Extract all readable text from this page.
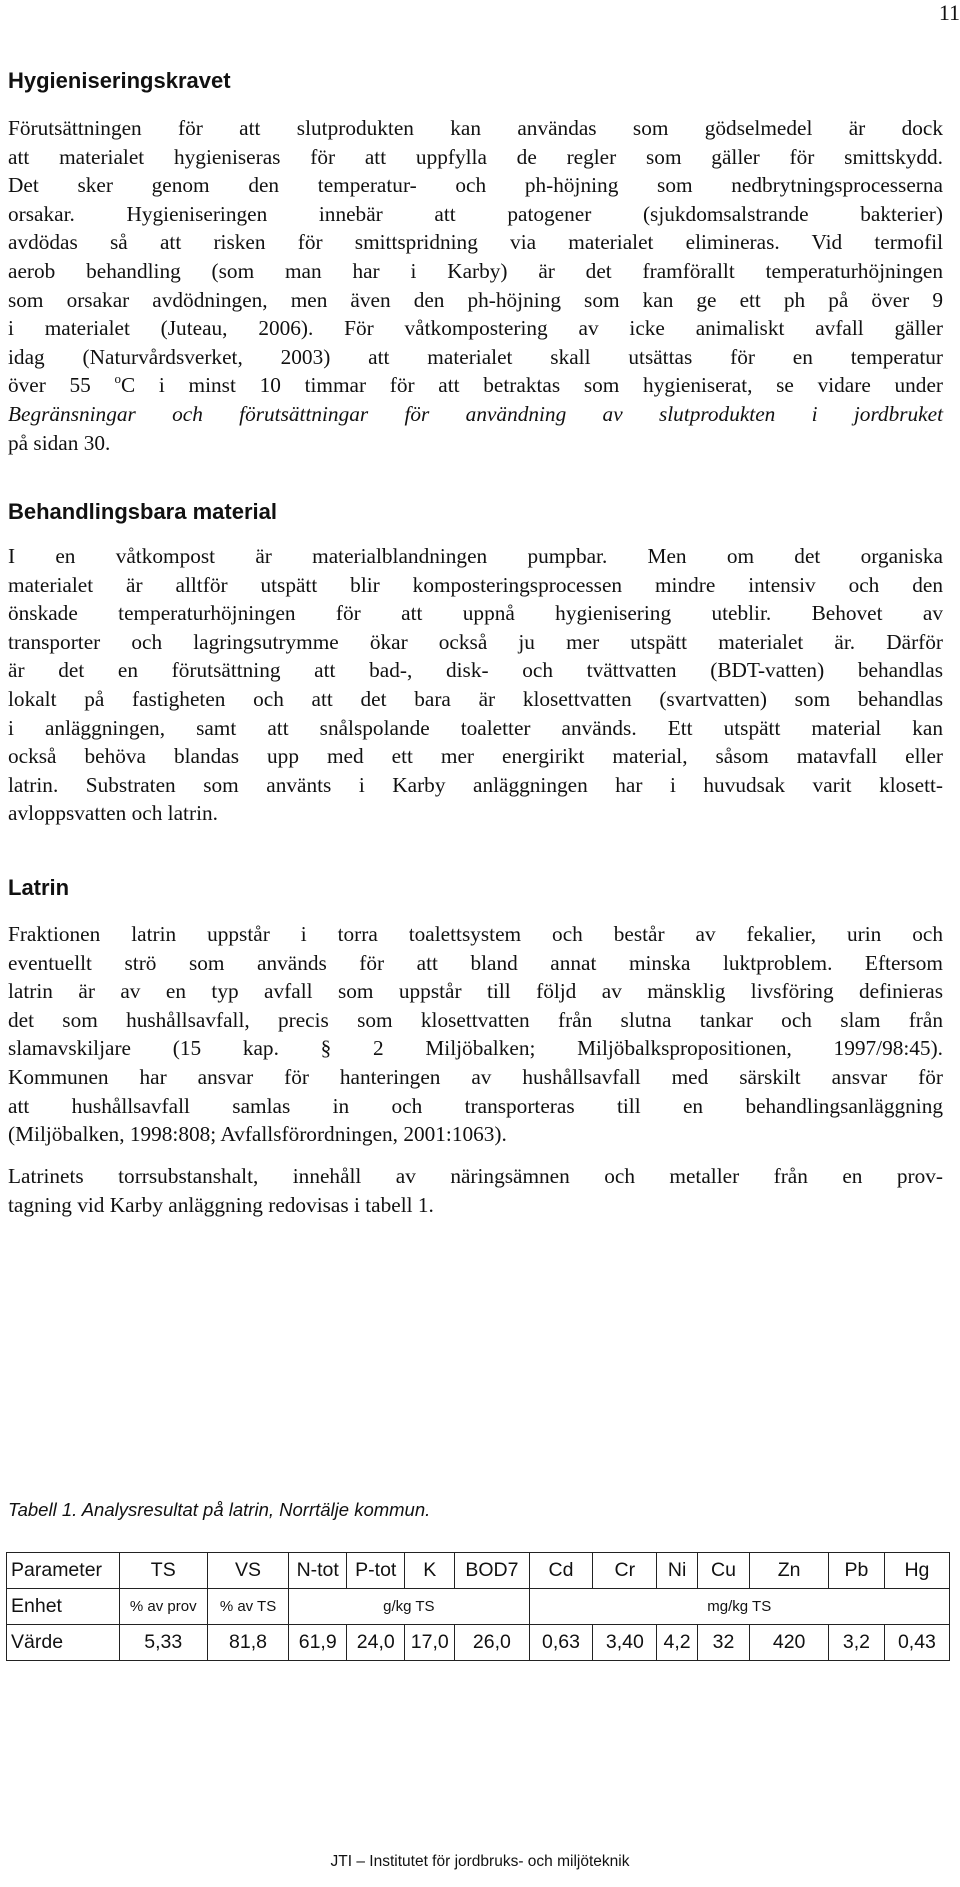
11
Hygieniseringskravet
Förutsättningen för att slutprodukten kan användas som gödselmedel är dock
att materialet hygieniseras för att uppfylla de regler som gäller för smittskydd.
Det sker genom den temperatur- och ph-höjning som nedbrytningsprocesserna
orsakar. Hygieniseringen innebär att patogener (sjukdomsalstrande bakterier)
avdödas så att risken för smittspridning via materialet elimineras. Vid termofil
aerob behandling (som man har i Karby) är det framförallt temperaturhöjningen
som orsakar avdödningen, men även den ph-höjning som kan ge ett ph på över 9
i materialet (Juteau, 2006). För våtkompostering av icke animaliskt avfall gäller
idag (Naturvårdsverket, 2003) att materialet skall utsättas för en temperatur
över 55 $^o$C i minst 10 timmar för att betraktas som hygieniserat, se vidare under
Begränsningar och förutsättningar för användning av slutprodukten i jordbruket
på sidan 30.
Behandlingsbara material
I en våtkompost är materialblandningen pumpbar. Men om det organiska
materialet är alltför utspätt blir komposteringsprocessen mindre intensiv och den
önskade temperaturhöjningen för att uppnå hygienisering uteblir. Behovet av
transporter och lagringsutrymme ökar också ju mer utspätt materialet är. Därför
är det en förutsättning att bad-, disk- och tvättvatten (BDT-vatten) behandlas
lokalt på fastigheten och att det bara är klosettvatten (svartvatten) som behandlas
i anläggningen, samt att snålspolande toaletter används. Ett utspätt material kan
också behöva blandas upp med ett mer energirikt material, såsom matavfall eller
latrin. Substraten som använts i Karby anläggningen har i huvudsak varit klosett-
avloppsvatten och latrin.
Latrin
Fraktionen latrin uppstår i torra toalettsystem och består av fekalier, urin och
eventuellt strö som används för att bland annat minska luktproblem. Eftersom
latrin är av en typ avfall som uppstår till följd av mänsklig livsföring definieras
det som hushållsavfall, precis som klosettvatten från slutna tankar och slam från
slamavskiljare (15 kap. § 2 Miljöbalken; Miljöbalkspropositionen, 1997/98:45).
Kommunen har ansvar för hanteringen av hushållsavfall med särskilt ansvar för
att hushållsavfall samlas in och transporteras till en behandlingsanläggning
(Miljöbalken, 1998:808; Avfallsförordningen, 2001:1063).
Latrinets torrsubstanshalt, innehåll av näringsämnen och metaller från en prov-
tagning vid Karby anläggning redovisas i tabell 1.
Tabell 1. Analysresultat på latrin, Norrtälje kommun.
Parameter	TS	VS	N-tot	P-tot	K	BOD7	Cd	Cr	Ni	Cu	Zn	Pb	Hg
Enhet	% av prov	% av TS	g/kg TS				mg/kg TS						
Värde	5,33	81,8	61,9	24,0	17,0	26,0	0,63	3,40	4,2	32	420	3,2	0,43
JTI – Institutet för jordbruks- och miljöteknik
